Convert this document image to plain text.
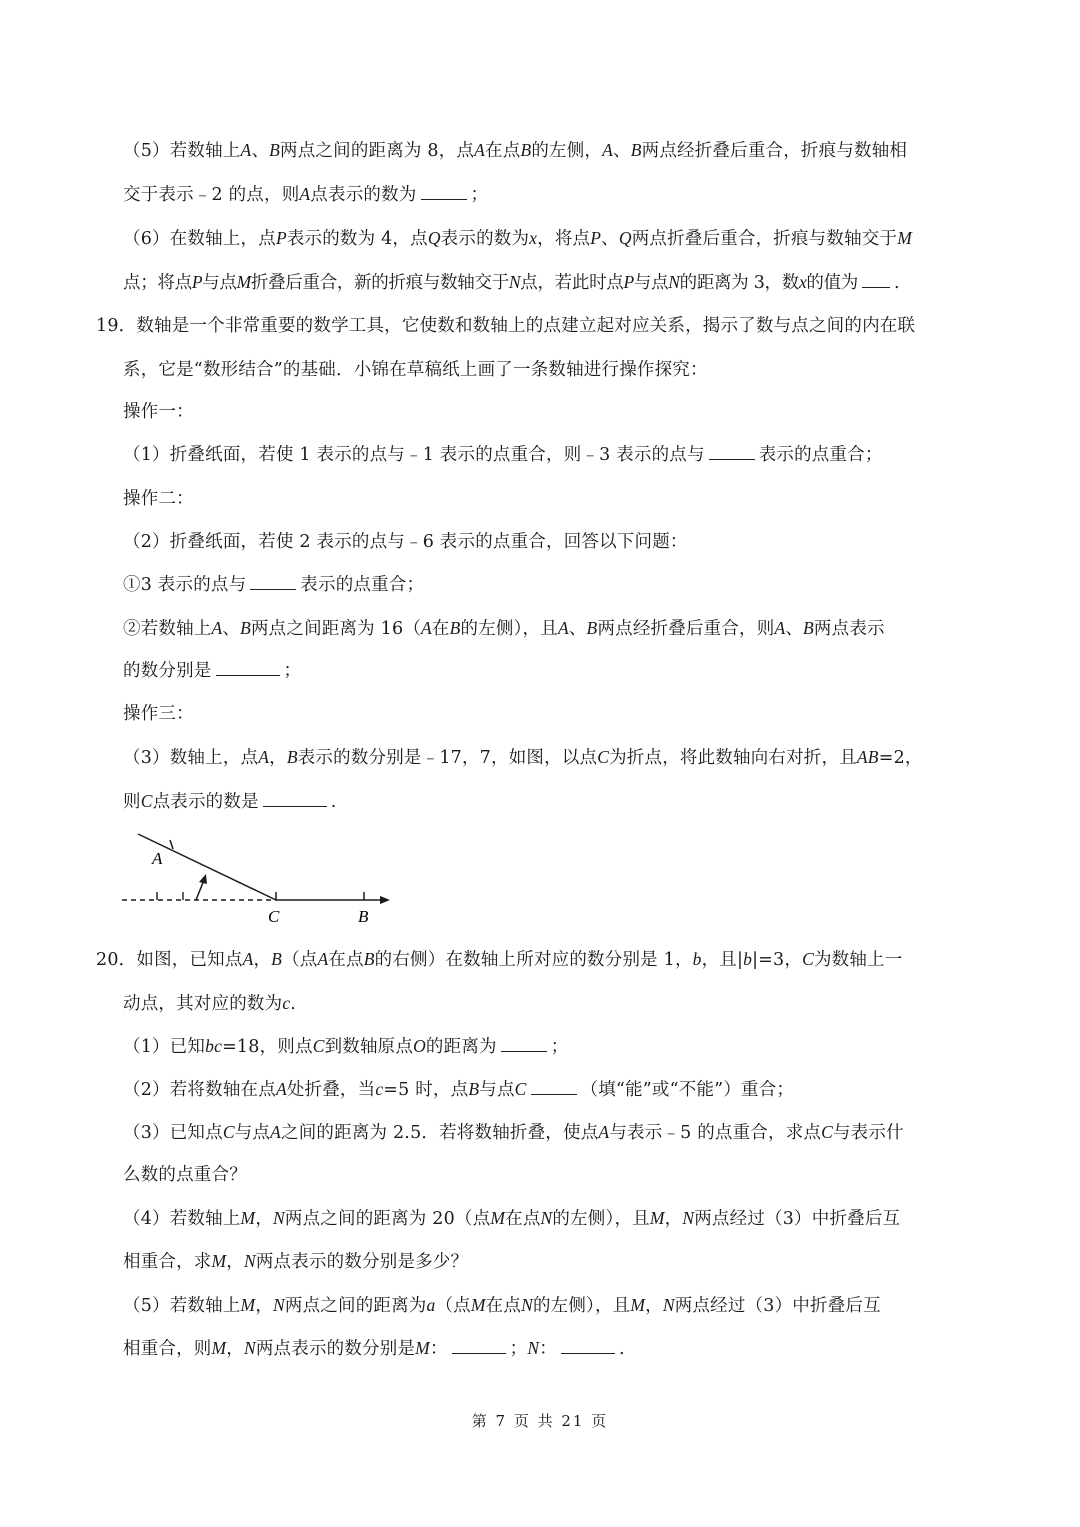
（5）若数轴上A、B两点之间的距离为 8，点A在点B的左侧，A、B两点经折叠后重合，折痕与数轴相
交于表示﹣2 的点，则A点表示的数为	；
（6）在数轴上，点P表示的数为 4，点Q表示的数为x，将点P、Q两点折叠后重合，折痕与数轴交于M
点；将点P与点M折叠后重合，新的折痕与数轴交于N点，若此时点P与点N的距离为 3，数x的值为 .
19．数轴是一个非常重要的数学工具，它使数和数轴上的点建立起对应关系，揭示了数与点之间的内在联
系，它是“数形结合”的基础．小锦在草稿纸上画了一条数轴进行操作探究：
操作一：
（1）折叠纸面，若使 1 表示的点与﹣1 表示的点重合，则﹣3 表示的点与	表示的点重合；
操作二：
（2）折叠纸面，若使 2 表示的点与﹣6 表示的点重合，回答以下问题：
①3 表示的点与	表示的点重合；
②若数轴上A、B两点之间距离为 16（A在B的左侧），且A、B两点经折叠后重合，则A、B两点表示
的数分别是	；
操作三：
（3）数轴上，点A，B表示的数分别是﹣17，7，如图，以点C为折点，将此数轴向右对折，且AB=2，
则C点表示的数是	.
A
C	B
20．如图，已知点A，B（点A在点B的右侧）在数轴上所对应的数分别是 1，b，且|b|=3，C为数轴上一
动点，其对应的数为c.
（1）已知bc=18，则点C到数轴原点O的距离为	；
（2）若将数轴在点A处折叠，当c=5 时，点B与点C	（填“能”或“不能”）重合；
（3）已知点C与点A之间的距离为 2.5．若将数轴折叠，使点A与表示﹣5 的点重合，求点C与表示什
么数的点重合？
（4）若数轴上M，N两点之间的距离为 20（点M在点N的左侧），且M，N两点经过（3）中折叠后互
相重合，求M，N两点表示的数分别是多少？
（5）若数轴上M，N两点之间的距离为a（点M在点N的左侧），且M，N两点经过（3）中折叠后互
相重合，则M，N两点表示的数分别是M：	；N：	.
第 7 页 共 21 页
